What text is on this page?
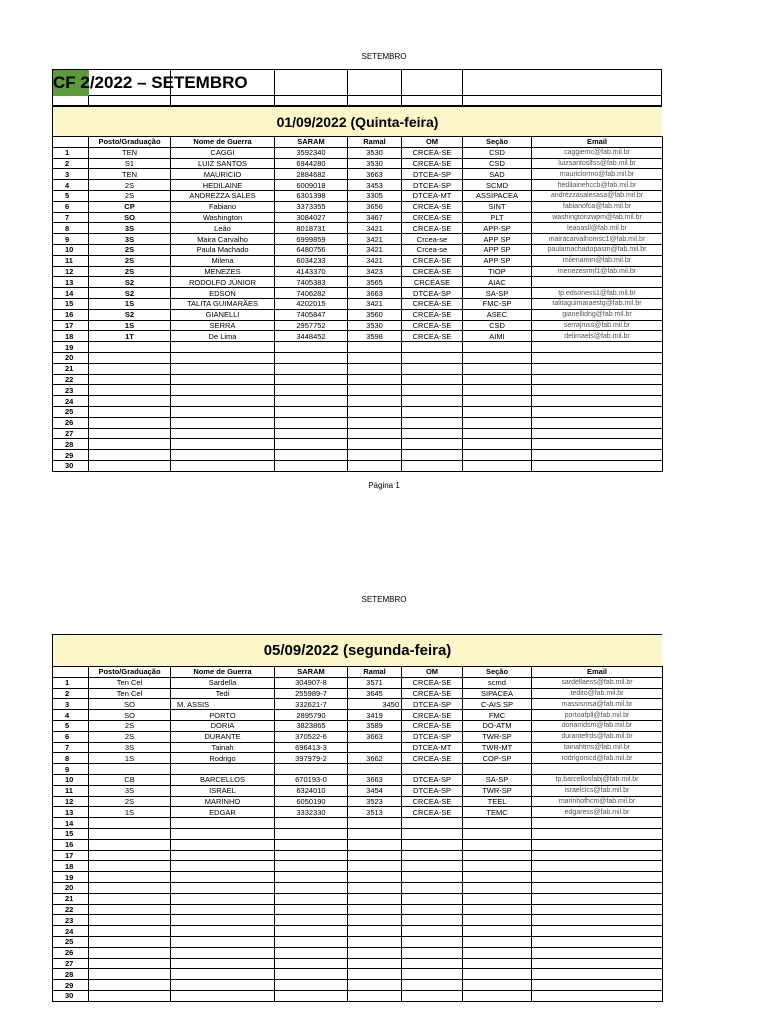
SETEMBRO
CF 2/2022 – SETEMBRO
01/09/2022 (Quinta-feira)
	Posto/Graduação	Nome de Guerra	SARAM	Ramal	OM	Seção	Email
1	TEN	CAGGI	3592340	3530	CRCEA-SE	CSD	caggiemc@fab.mil.br
2	S1	LUIZ SANTOS	6944280	3530	CRCEA-SE	CSD	luizsantoslfss@fab.mil.br
3	TEN	MAURICIO	2884682	3663	DTCEA-SP	SAD	mauriciormo@fab.mil.br
4	2S	HEDILAINE	6009018	3453	DTCEA-SP	SCMD	hedilainehccb@fab.mil.br
5	2S	ANDREZZA SALES	6301398	3305	DTCEA-MT	ASSIPACEA	andrezzasalesasa@fab.mil.br
6	CP	Fabiano	3373355	3656	CRCEA-SE	SINT	fabianofca@fab.mil.br
7	SO	Washington	3084027	3467	CRCEA-SE	PLT	washingtonzwpm@fab.mil.br
8	3S	Leão	8018731	3421	CRCEA-SE	APP-SP	leaoasll@fab.mil.br
9	3S	Maira Carvalho	6999859	3421	Crcea-se	APP SP	mairacarvalhomsc1@fab.mil.br
10	2S	Paula Machado	6480756	3421	Crcea-se	APP SP	paulamachadopasm@fab.mil.br
11	2S	Milena	6034233	3421	CRCEA-SE	APP SP	milenamtn@fab.mil.br
12	2S	MENEZES	4143370	3423	CRCEA-SE	TIOP	menezesrmf1@fab.mil.br
13	S2	RODOLFO JÚNIOR	7405383	3565	CRCEASE	AIAC	
14	S2	EDSON	7406282	3663	DTCEA-SP	SA-SP	tp.edsoness1@fab.mil.br
15	1S	TALITA GUIMARÃES	4202015	3421	CRCEA-SE	FMC-SP	talitaguimaraestg@fab.mil.br
16	S2	GIANELLI	7405847	3560	CRCEA-SE	ASEC	gianellidng@fab.mil.br
17	1S	SERRA	2957752	3530	CRCEA-SE	CSD	serrajmss@fab.mil.br
18	1T	De Lima	3448452	3598	CRCEA-SE	AIMI	delimaels@fab.mil.br
19							
20							
21							
22							
23							
24							
25							
26							
27							
28							
29							
30							
Página 1
SETEMBRO
05/09/2022 (segunda-feira)
	Posto/Graduação	Nome de Guerra	SARAM	Ramal	OM	Seção	Email
1	Ten Cel	Sardella	304907-8	3571	CRCEA-SE	scmd	sardellaess@fab.mil.br
2	Ten Cel	Tedi	255989-7	3645	CRCEA-SE	SIPACEA	tedito@fab.mil.br
3	SO	M. ASSIS	332621-7	3450	DTCEA-SP	C-AIS SP	massismsa@fab.mil.br
4	SO	PORTO	2895790	3419	CRCEA-SE	FMC	portoafpll@fab.mil.br
5	2S	DORIA	3823865	3589	CRCEA-SE	DO-ATM	doriamdsm@fab.mil.br
6	2S	DURANTE	370522-6	3663	DTCEA-SP	TWR-SP	durantefrds@fab.mil.br
7	3S	Tainah	696413-3		DTCEA-MT	TWR-MT	tainahtms@fab.mil.br
8	1S	Rodrigo	397979-2	3662	CRCEA-SE	COP-SP	rodrigorscd@fab.mil.br
9							
10	CB	BARCELLOS	670193-0	3663	DTCEA-SP	SA-SP	tp.barcellosfabj@fab.mil.br
11	3S	ISRAEL	6324010	3454	DTCEA-SP	TWR-SP	israelcics@fab.mil.br
12	2S	MARINHO	6050190	3523	CRCEA-SE	TEEL	marinhofhcm@fab.mil.br
13	1S	EDGAR	3332330	3513	CRCEA-SE	TEMC	edgaress@fab.mil.br
14							
15							
16							
17							
18							
19							
20							
21							
22							
23							
24							
25							
26							
27							
28							
29							
30							
